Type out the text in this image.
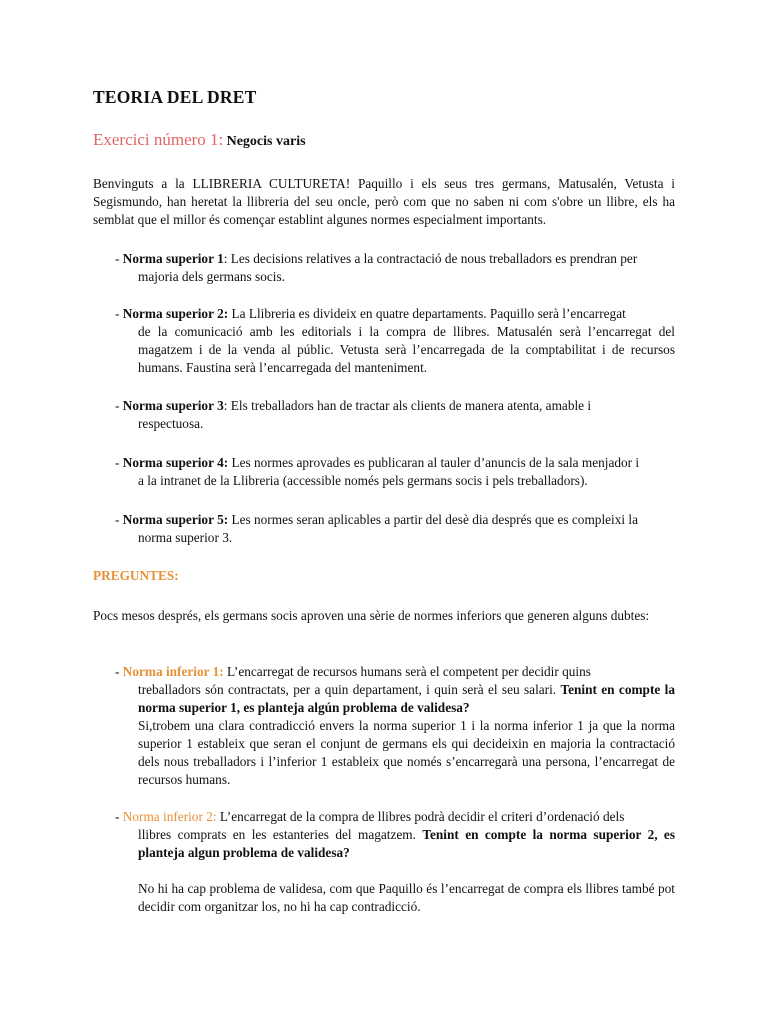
TEORIA DEL DRET
Exercici número 1: Negocis varis
Benvinguts a la LLIBRERIA CULTURETA! Paquillo i els seus tres germans, Matusalén, Vetusta i Segismundo, han heretat la llibreria del seu oncle, però com que no saben ni com s'obre un llibre, els ha semblat que el millor és començar establint algunes normes especialment importants.
- Norma superior 1: Les decisions relatives a la contractació de nous treballadors es prendran per
majoria dels germans socis.
- Norma superior 2: La Llibreria es divideix en quatre departaments. Paquillo serà l’encarregat
de la comunicació amb les editorials i la compra de llibres. Matusalén serà l’encarregat del magatzem i de la venda al públic. Vetusta serà l’encarregada de la comptabilitat i de recursos humans. Faustina serà l’encarregada del manteniment.
- Norma superior 3: Els treballadors han de tractar als clients de manera atenta, amable i
respectuosa.
- Norma superior 4: Les normes aprovades es publicaran al tauler d’anuncis de la sala menjador i
a la intranet de la Llibreria (accessible només pels germans socis i pels treballadors).
- Norma superior 5: Les normes seran aplicables a partir del desè dia després que es compleixi la
norma superior 3.
PREGUNTES:
Pocs mesos després, els germans socis aproven una sèrie de normes inferiors que generen alguns dubtes:
- Norma inferior 1: L’encarregat de recursos humans serà el competent per decidir quins
treballadors són contractats, per a quin departament, i quin serà el seu salari. Tenint en compte la norma superior 1, es planteja algún problema de validesa?
Si,trobem una clara contradicció envers la norma superior 1 i la norma inferior 1 ja que la norma superior 1 estableix que seran el conjunt de germans els qui decideixin en majoria la contractació dels nous treballadors i l’inferior 1 estableix que només s’encarregarà una persona, l’encarregat de recursos humans.
- Norma inferior 2: L’encarregat de la compra de llibres podrà decidir el criteri d’ordenació dels
llibres comprats en les estanteries del magatzem. Tenint en compte la norma superior 2, es planteja algun problema de validesa?
No hi ha cap problema de validesa, com que Paquillo és l’encarregat de compra els llibres també pot decidir com organitzar los, no hi ha cap contradicció.
